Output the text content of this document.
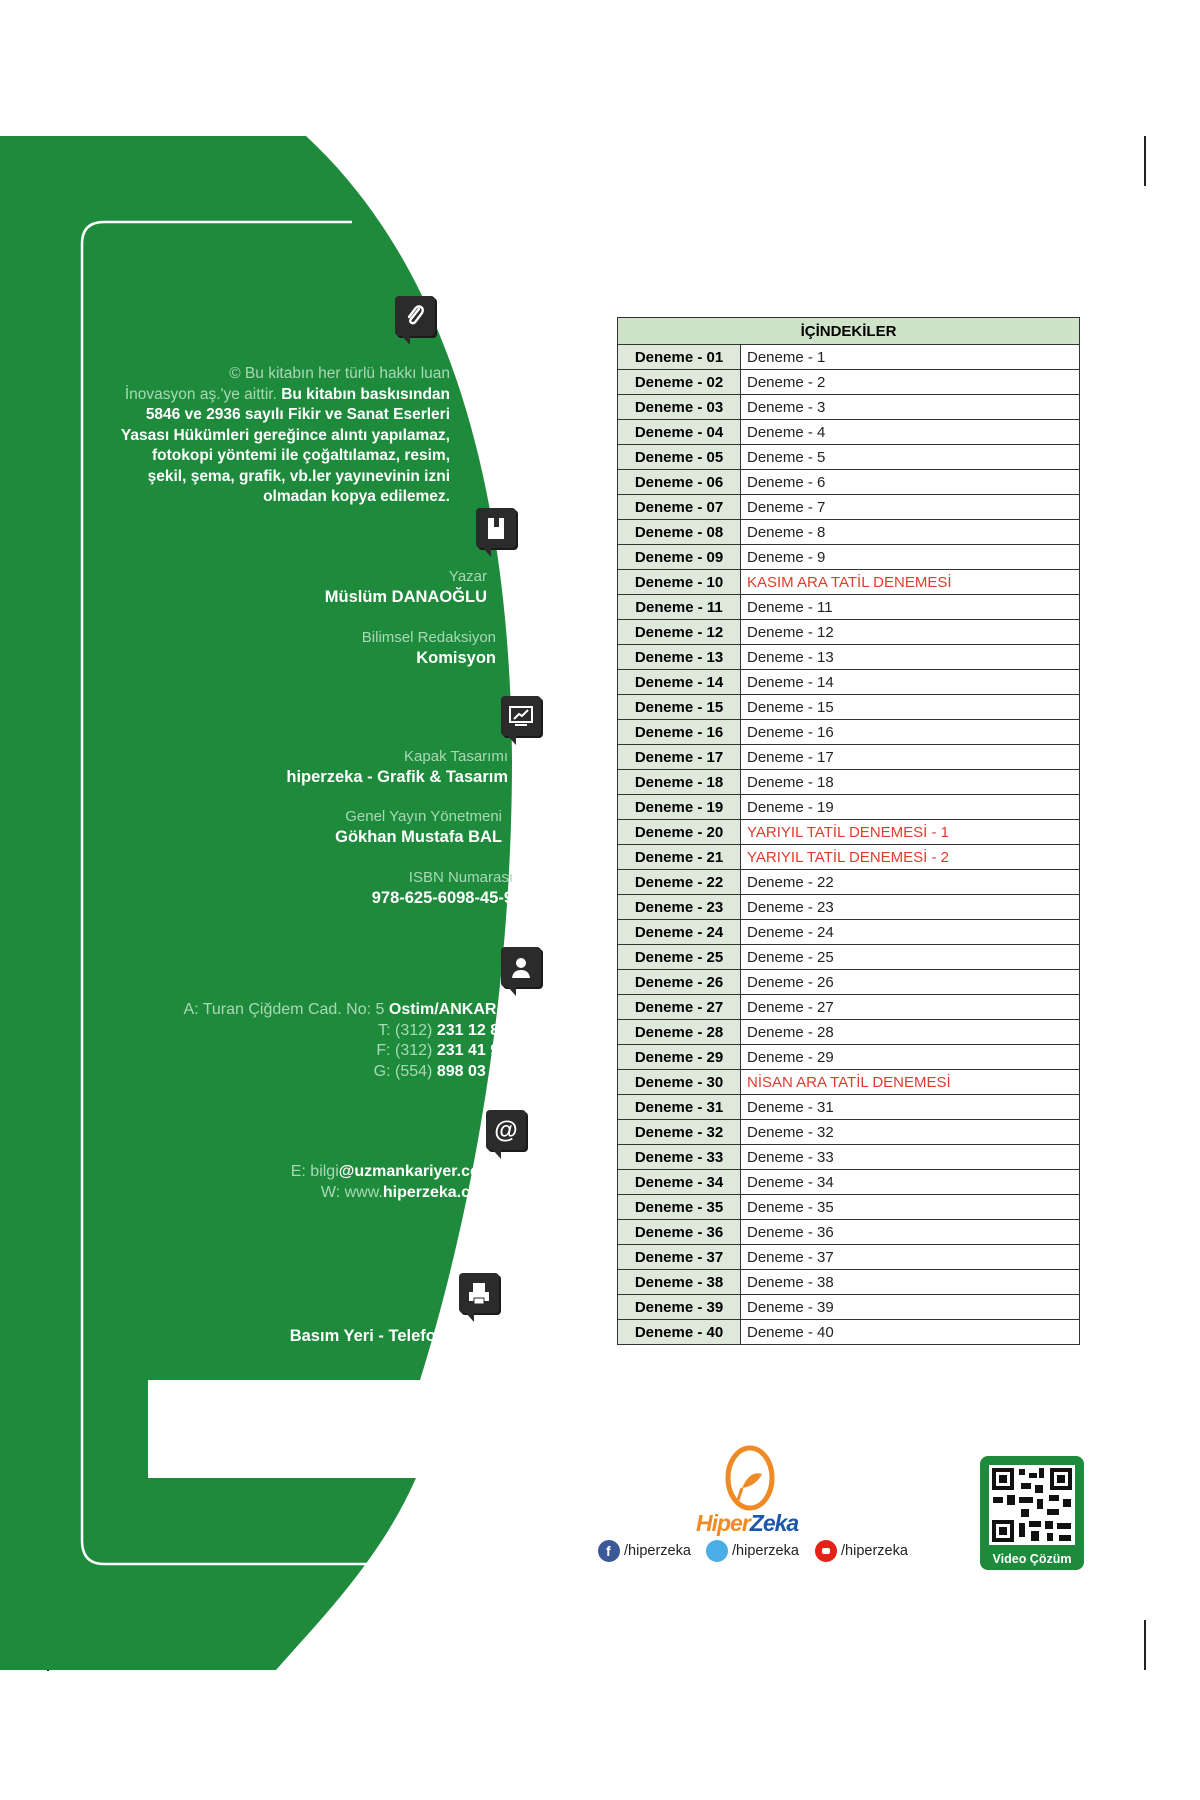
@
© Bu kitabın her türlü hakkı luan
İnovasyon aş.'ye aittir. Bu kitabın baskısından
5846 ve 2936 sayılı Fikir ve Sanat Eserleri
Yasası Hükümleri gereğince alıntı yapılamaz,
fotokopi yöntemi ile çoğaltılamaz, resim,
şekil, şema, grafik, vb.ler yayınevinin izni
olmadan kopya edilemez.
Yazar
Müslüm DANAOĞLU
Bilimsel Redaksiyon
Komisyon
Kapak Tasarımı
hiperzeka - Grafik & Tasarım
Genel Yayın Yönetmeni
Gökhan Mustafa BAL
ISBN Numarası
978-625-6098-45-9
A: Turan Çiğdem Cad. No: 5 Ostim/ANKARA
T: (312) 231 12 89
F: (312) 231 41 99
G: (554) 898 03 01
E: bilgi@uzmankariyer.com
W: www.hiperzeka.com
Basım Yeri - Telefonu
İÇİNDEKİLER	
Deneme - 01	Deneme - 1
Deneme - 02	Deneme - 2
Deneme - 03	Deneme - 3
Deneme - 04	Deneme - 4
Deneme - 05	Deneme - 5
Deneme - 06	Deneme - 6
Deneme - 07	Deneme - 7
Deneme - 08	Deneme - 8
Deneme - 09	Deneme - 9
Deneme - 10	KASIM ARA TATİL DENEMESİ
Deneme - 11	Deneme - 11
Deneme - 12	Deneme - 12
Deneme - 13	Deneme - 13
Deneme - 14	Deneme - 14
Deneme - 15	Deneme - 15
Deneme - 16	Deneme - 16
Deneme - 17	Deneme - 17
Deneme - 18	Deneme - 18
Deneme - 19	Deneme - 19
Deneme - 20	YARIYIL TATİL DENEMESİ - 1
Deneme - 21	YARIYIL TATİL DENEMESİ - 2
Deneme - 22	Deneme - 22
Deneme - 23	Deneme - 23
Deneme - 24	Deneme - 24
Deneme - 25	Deneme - 25
Deneme - 26	Deneme - 26
Deneme - 27	Deneme - 27
Deneme - 28	Deneme - 28
Deneme - 29	Deneme - 29
Deneme - 30	NİSAN ARA TATİL DENEMESİ
Deneme - 31	Deneme - 31
Deneme - 32	Deneme - 32
Deneme - 33	Deneme - 33
Deneme - 34	Deneme - 34
Deneme - 35	Deneme - 35
Deneme - 36	Deneme - 36
Deneme - 37	Deneme - 37
Deneme - 38	Deneme - 38
Deneme - 39	Deneme - 39
Deneme - 40	Deneme - 40
HiperZeka
f /hiperzeka	/hiperzeka	/hiperzeka	Video Çözüm
